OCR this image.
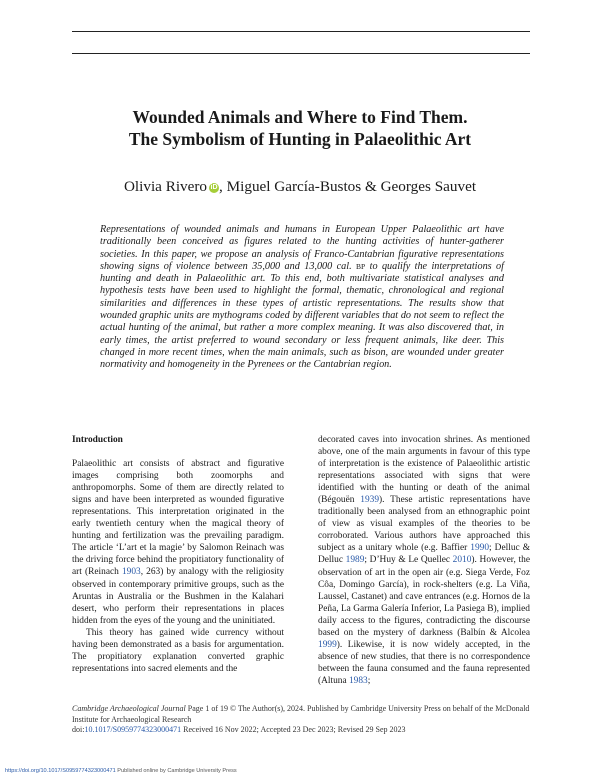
Wounded Animals and Where to Find Them.
The Symbolism of Hunting in Palaeolithic Art
Olivia Rivero iD, Miguel García-Bustos & Georges Sauvet
Representations of wounded animals and humans in European Upper Palaeolithic art have traditionally been conceived as figures related to the hunting activities of hunter-gatherer societies. In this paper, we propose an analysis of Franco-Cantabrian figurative representations showing signs of violence between 35,000 and 13,000 cal. BP to qualify the interpretations of hunting and death in Palaeolithic art. To this end, both multivariate statistical analyses and hypothesis tests have been used to highlight the formal, thematic, chronological and regional similarities and differences in these types of artistic representations. The results show that wounded graphic units are mythograms coded by different variables that do not seem to reflect the actual hunting of the animal, but rather a more complex meaning. It was also discovered that, in early times, the artist preferred to wound secondary or less frequent animals, like deer. This changed in more recent times, when the main animals, such as bison, are wounded under greater normativity and homogeneity in the Pyrenees or the Cantabrian region.

Introduction

Palaeolithic art consists of abstract and figurative images comprising both zoomorphs and anthropomorphs. Some of them are directly related to signs and have been interpreted as wounded figurative representations. This interpretation originated in the early twentieth century when the magical theory of hunting and fertilization was the prevailing paradigm. The article ‘L’art et la magie’ by Salomon Reinach was the driving force behind the propitiatory functionality of art (Reinach 1903, 263) by analogy with the religiosity observed in contemporary primitive groups, such as the Aruntas in Australia or the Bushmen in the Kalahari desert, who perform their representations in places hidden from the eyes of the young and the uninitiated.

This theory has gained wide currency without having been demonstrated as a basis for argumentation. The propitiatory explanation converted graphic representations into sacred elements and the

decorated caves into invocation shrines. As mentioned above, one of the main arguments in favour of this type of interpretation is the existence of Palaeolithic artistic representations associated with signs that were identified with the hunting or death of the animal (Bégouën 1939). These artistic representations have traditionally been analysed from an ethnographic point of view as visual examples of the theories to be corroborated. Various authors have approached this subject as a unitary whole (e.g. Baffier 1990; Delluc & Delluc 1989; D’Huy & Le Quellec 2010). However, the observation of art in the open air (e.g. Siega Verde, Foz Côa, Domingo García), in rock-shelters (e.g. La Viña, Laussel, Castanet) and cave entrances (e.g. Hornos de la Peña, La Garma Galería Inferior, La Pasiega B), implied daily access to the figures, contradicting the discourse based on the mystery of darkness (Balbín & Alcolea 1999). Likewise, it is now widely accepted, in the absence of new studies, that there is no correspondence between the fauna consumed and the fauna represented (Altuna 1983;

Cambridge Archaeological Journal Page 1 of 19 © The Author(s), 2024. Published by Cambridge University Press on behalf of the McDonald Institute for Archaeological Research
doi:10.1017/S0959774323000471 Received 16 Nov 2022; Accepted 23 Dec 2023; Revised 29 Sep 2023
https://doi.org/10.1017/S0959774323000471 Published online by Cambridge University Press
